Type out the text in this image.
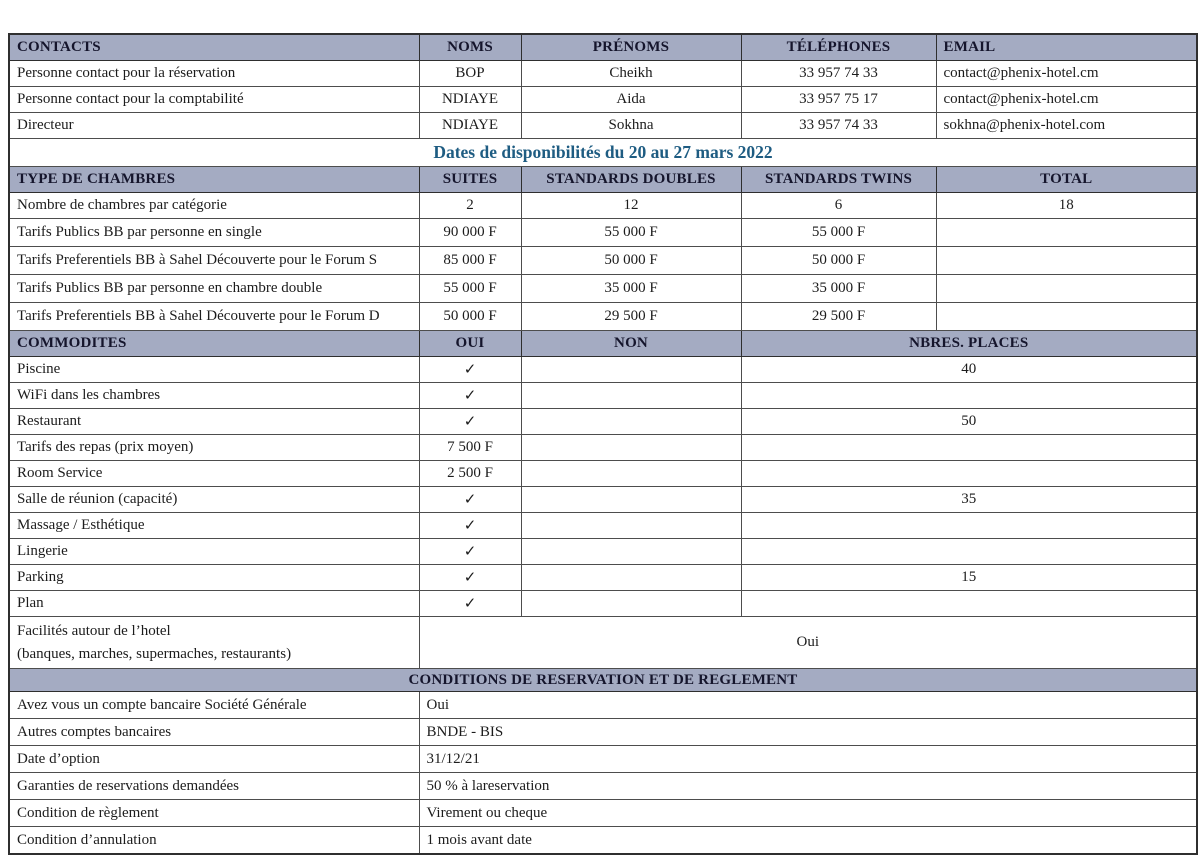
CONTACTS	NOMS	PRÉNOMS	TÉLÉPHONES	EMAIL
Personne contact pour la réservation	BOP	Cheikh	33 957 74 33	contact@phenix-hotel.cm
Personne contact pour la comptabilité	NDIAYE	Aida	33 957 75 17	contact@phenix-hotel.cm
Directeur	NDIAYE	Sokhna	33 957 74 33	sokhna@phenix-hotel.com
Dates de disponibilités du 20 au 27 mars 2022				
TYPE DE CHAMBRES	SUITES	STANDARDS DOUBLES	STANDARDS TWINS	TOTAL
Nombre de chambres par catégorie	2	12	6	18
Tarifs Publics BB par personne en single	90 000 F	55 000 F	55 000 F	
Tarifs Preferentiels BB à Sahel Découverte pour le Forum S	85 000 F	50 000 F	50 000 F	
Tarifs Publics BB par personne en chambre double	55 000 F	35 000 F	35 000 F	
Tarifs Preferentiels BB à Sahel Découverte pour le Forum D	50 000 F	29 500 F	29 500 F	
COMMODITES	OUI	NON	NBRES. PLACES	
Piscine	✓		40	
WiFi dans les chambres	✓			
Restaurant	✓		50	
Tarifs des repas (prix moyen)	7 500 F			
Room Service	2 500 F			
Salle de réunion (capacité)	✓		35	
Massage / Esthétique	✓			
Lingerie	✓			
Parking	✓		15	
Plan	✓			

Facilités autour de l’hotel
(banques, marches, supermaches, restaurants)	Oui			
CONDITIONS DE RESERVATION ET DE REGLEMENT				
Avez vous un compte bancaire Société Générale	Oui			
Autres comptes bancaires	BNDE - BIS			
Date d’option	31/12/21			
Garanties de reservations demandées	50 % à lareservation			
Condition de règlement	Virement ou cheque			
Condition d’annulation	1 mois avant date			
